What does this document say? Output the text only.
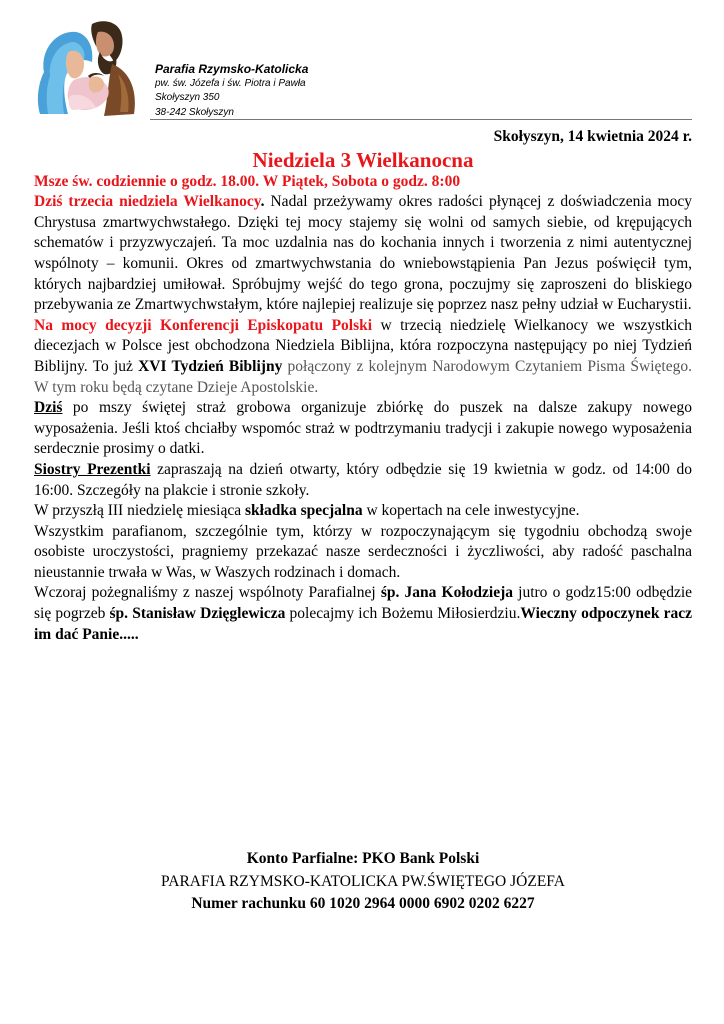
Parafia Rzymsko-Katolicka
pw. św. Józefa i św. Piotra i Pawła
Skołyszyn 350
38-242 Skołyszyn
Skołyszyn, 14 kwietnia 2024 r.
Niedziela 3 Wielkanocna
Msze św. codziennie o godz. 18.00. W Piątek, Sobota o godz. 8:00

Dziś trzecia niedziela Wielkanocy. Nadal przeżywamy okres radości płynącej z doświadczenia mocy Chrystusa zmartwychwstałego. Dzięki tej mocy stajemy się wolni od samych siebie, od krępujących schematów i przyzwyczajeń. Ta moc uzdalnia nas do kochania innych i tworzenia z nimi autentycznej wspólnoty – komunii. Okres od zmartwychwstania do wniebowstąpienia Pan Jezus poświęcił tym, których najbardziej umiłował. Spróbujmy wejść do tego grona, poczujmy się zaproszeni do bliskiego przebywania ze Zmartwychwstałym, które najlepiej realizuje się poprzez nasz pełny udział w Eucharystii.

Na mocy decyzji Konferencji Episkopatu Polski w trzecią niedzielę Wielkanocy we wszystkich diecezjach w Polsce jest obchodzona Niedziela Biblijna, która rozpoczyna następujący po niej Tydzień Biblijny. To już XVI Tydzień Biblijny połączony z kolejnym Narodowym Czytaniem Pisma Świętego. W tym roku będą czytane Dzieje Apostolskie.

Dziś po mszy świętej straż grobowa organizuje zbiórkę do puszek na dalsze zakupy nowego wyposażenia. Jeśli ktoś chciałby wspomóc straż w podtrzymaniu tradycji i zakupie nowego wyposażenia serdecznie prosimy o datki.

Siostry Prezentki zapraszają na dzień otwarty, który odbędzie się 19 kwietnia w godz. od 14:00 do 16:00. Szczegóły na plakcie i stronie szkoły.

W przyszłą III niedzielę miesiąca składka specjalna w kopertach na cele inwestycyjne.

Wszystkim parafianom, szczególnie tym, którzy w rozpoczynającym się tygodniu obchodzą swoje osobiste uroczystości, pragniemy przekazać nasze serdeczności i życzliwości, aby radość paschalna nieustannie trwała w Was, w Waszych rodzinach i domach.

Wczoraj pożegnaliśmy z naszej wspólnoty Parafialnej śp. Jana Kołodzieja jutro o godz15:00 odbędzie się pogrzeb śp. Stanisław Dzięglewicza polecajmy ich Bożemu Miłosierdziu.Wieczny odpoczynek racz im dać Panie.....

Konto Parfialne: PKO Bank Polski
PARAFIA RZYMSKO-KATOLICKA PW.ŚWIĘTEGO JÓZEFA
Numer rachunku 60 1020 2964 0000 6902 0202 6227
